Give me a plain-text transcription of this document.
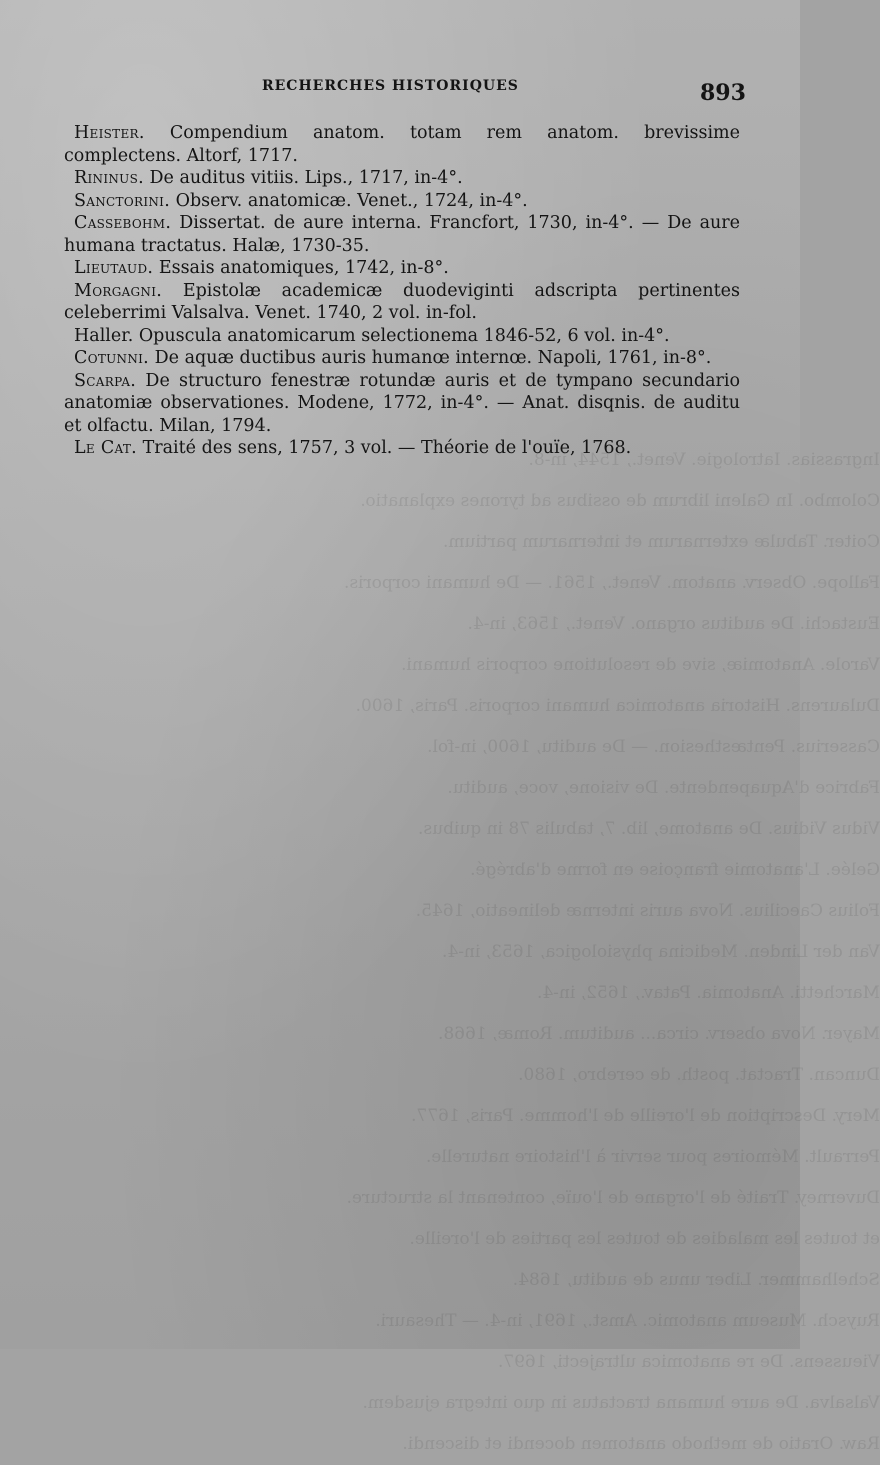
Ingrassias. Iatrologie. Venet., 1544, in-8.
Colombo. In Galeni librum de ossibus ad tyrones explanatio.
Coiter. Tabulæ externarum et internarum partium.
Fallope. Observ. anatom. Venet., 1561. — De humani corporis.
Eustachi. De auditus organo. Venet., 1563, in-4.
Varole. Anatomiæ, sive de resolutione corporis humani.
Dulaurens. Historia anatomica humani corporis. Paris, 1600.
Casserius. Pentæsthesion. — De auditu, 1600, in-fol.
Fabrice d'Aquapendente. De visione, voce, auditu.
Vidus Vidius. De anatome, lib. 7, tabulis 78 in quibus.
Gelée. L'anatomie françoise en forme d'abrégé.
Folius Caecilius. Nova auris internæ delineatio, 1645.
Van der Linden. Medicina physiologica, 1653, in-4.
Marchetti. Anatomia. Patav., 1652, in-4.
Mayer. Nova observ. circa... auditum. Romæ, 1668.
Duncan. Tractat. posth. de cerebro, 1680.
Mery. Description de l'oreille de l'homme. Paris, 1677.
Perrault. Mémoires pour servir à l'histoire naturelle.
Duverney. Traité de l'organe de l'ouïe, contenant la structure.
et toutes les maladies de toutes les parties de l'oreille.
Schelhammer. Liber unus de auditu, 1684.
Ruysch. Museum anatomic. Amst., 1691, in-4. — Thesauri.
Vieussens. De re anatomica ultrajecti, 1697.
Valsalva. De aure humana tractatus in quo integra ejusdem.
Raw. Oratio de methodo anatomen docendi et discendi.
RECHERCHES HISTORIQUES	893

Heister. Compendium anatom. totam rem anatom. brevissime complectens. Altorf, 1717.

Rininus. De auditus vitiis. Lips., 1717, in-4°.

Sanctorini. Observ. anatomicæ. Venet., 1724, in-4°.

Cassebohm. Dissertat. de aure interna. Francfort, 1730, in-4°. — De aure humana tractatus. Halæ, 1730-35.

Lieutaud. Essais anatomiques, 1742, in-8°.

Morgagni. Epistolæ academicæ duodeviginti adscripta pertinentes celeberrimi Valsalva. Venet. 1740, 2 vol. in-fol.

Haller. Opuscula anatomicarum selectionema 1846-52, 6 vol. in-4°.

Cotunni. De aquæ ductibus auris humanœ internœ. Napoli, 1761, in-8°.

Scarpa. De structuro fenestræ rotundæ auris et de tympano secundario anatomiæ observationes. Modene, 1772, in-4°. — Anat. disqnis. de auditu et olfactu. Milan, 1794.

Le Cat. Traité des sens, 1757, 3 vol. — Théorie de l'ouïe, 1768.
